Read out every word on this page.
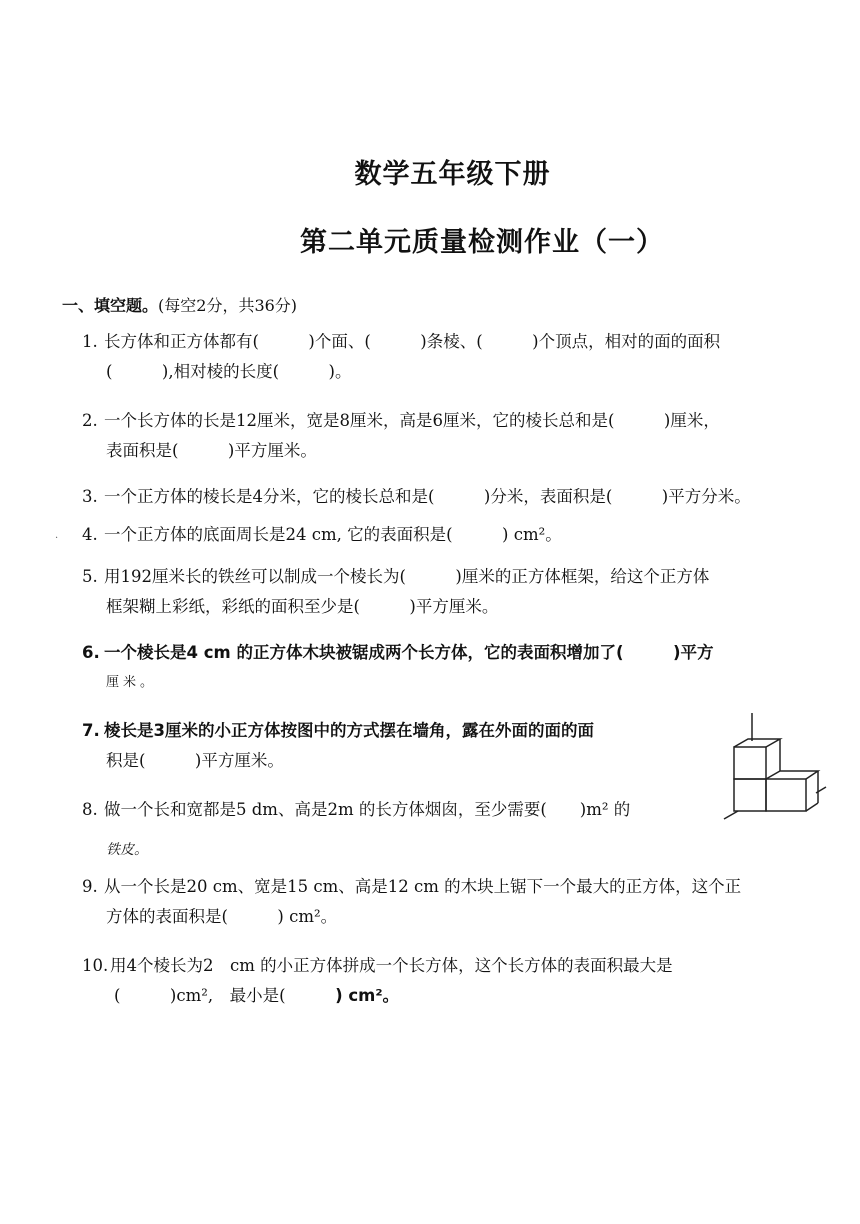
数学五年级下册
第二单元质量检测作业（一）
一、填空题。(每空2分，共36分)
1. 长方体和正方体都有(　　　)个面、(　　　)条棱、(　　　)个顶点，相对的面的面积
(　　　),相对棱的长度(　　　)。
2. 一个长方体的长是12厘米，宽是8厘米，高是6厘米，它的棱长总和是(　　　)厘米，
表面积是(　　　)平方厘米。
3. 一个正方体的棱长是4分米，它的棱长总和是(　　　)分米，表面积是(　　　)平方分米。
· 4. 一个正方体的底面周长是24 cm, 它的表面积是(　　　) cm²。
5. 用192厘米长的铁丝可以制成一个棱长为(　　　)厘米的正方体框架，给这个正方体
框架糊上彩纸，彩纸的面积至少是(　　　)平方厘米。
6. 一个棱长是4 cm 的正方体木块被锯成两个长方体，它的表面积增加了(　　　)平方
厘米。
7. 棱长是3厘米的小正方体按图中的方式摆在墙角，露在外面的面的面
积是(　　　)平方厘米。
8. 做一个长和宽都是5 dm、高是2m 的长方体烟囱，至少需要(　　)m² 的
铁皮。
9. 从一个长是20 cm、宽是15 cm、高是12 cm 的木块上锯下一个最大的正方体，这个正
方体的表面积是(　　　) cm²。
10. 用4个棱长为2　cm 的小正方体拼成一个长方体，这个长方体的表面积最大是
(　　　)cm²,　最小是(　　　) cm²。
